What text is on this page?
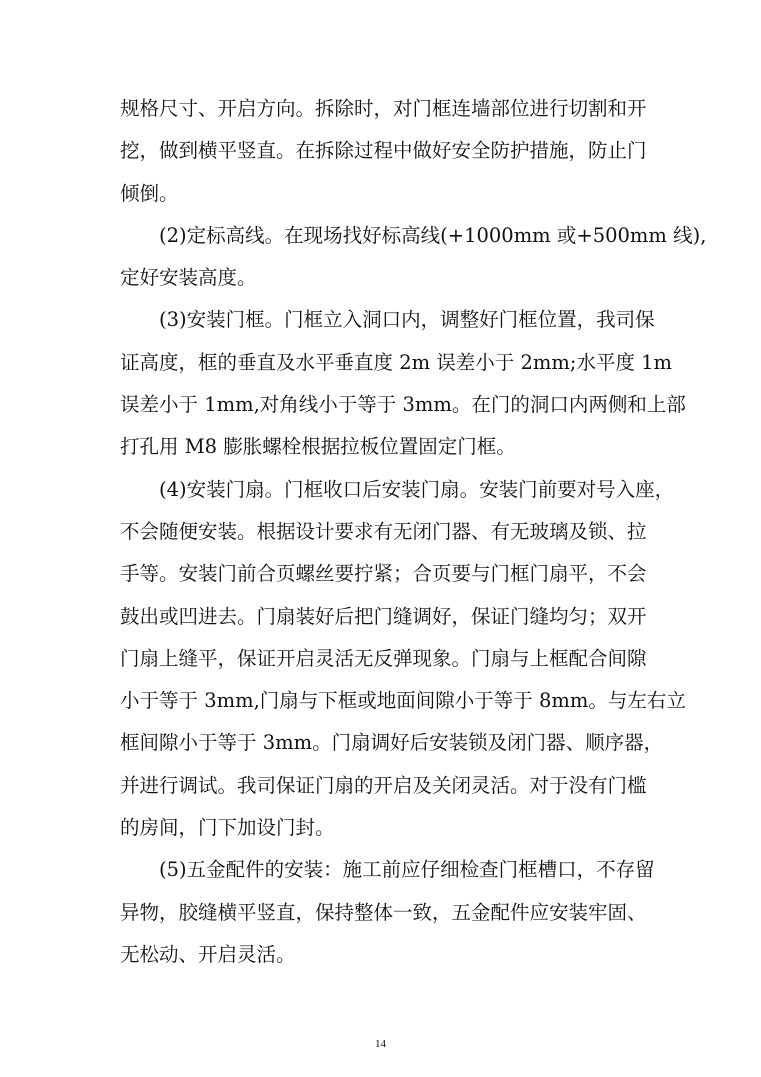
规格尺寸、开启方向。拆除时，对门框连墙部位进行切割和开
挖，做到横平竖直。在拆除过程中做好安全防护措施，防止门
倾倒。
(2)定标高线。在现场找好标高线(+1000mm 或+500mm 线),
定好安装高度。
(3)安装门框。门框立入洞口内，调整好门框位置，我司保
证高度，框的垂直及水平垂直度 2m 误差小于 2mm;水平度 1m
误差小于 1mm,对角线小于等于 3mm。在门的洞口内两侧和上部
打孔用 M8 膨胀螺栓根据拉板位置固定门框。
(4)安装门扇。门框收口后安装门扇。安装门前要对号入座，
不会随便安装。根据设计要求有无闭门器、有无玻璃及锁、拉
手等。安装门前合页螺丝要拧紧；合页要与门框门扇平，不会
鼓出或凹进去。门扇装好后把门缝调好，保证门缝均匀；双开
门扇上缝平，保证开启灵活无反弹现象。门扇与上框配合间隙
小于等于 3mm,门扇与下框或地面间隙小于等于 8mm。与左右立
框间隙小于等于 3mm。门扇调好后安装锁及闭门器、顺序器，
并进行调试。我司保证门扇的开启及关闭灵活。对于没有门槛
的房间，门下加设门封。
(5)五金配件的安装：施工前应仔细检查门框槽口，不存留
异物，胶缝横平竖直，保持整体一致，五金配件应安装牢固、
无松动、开启灵活。
14
